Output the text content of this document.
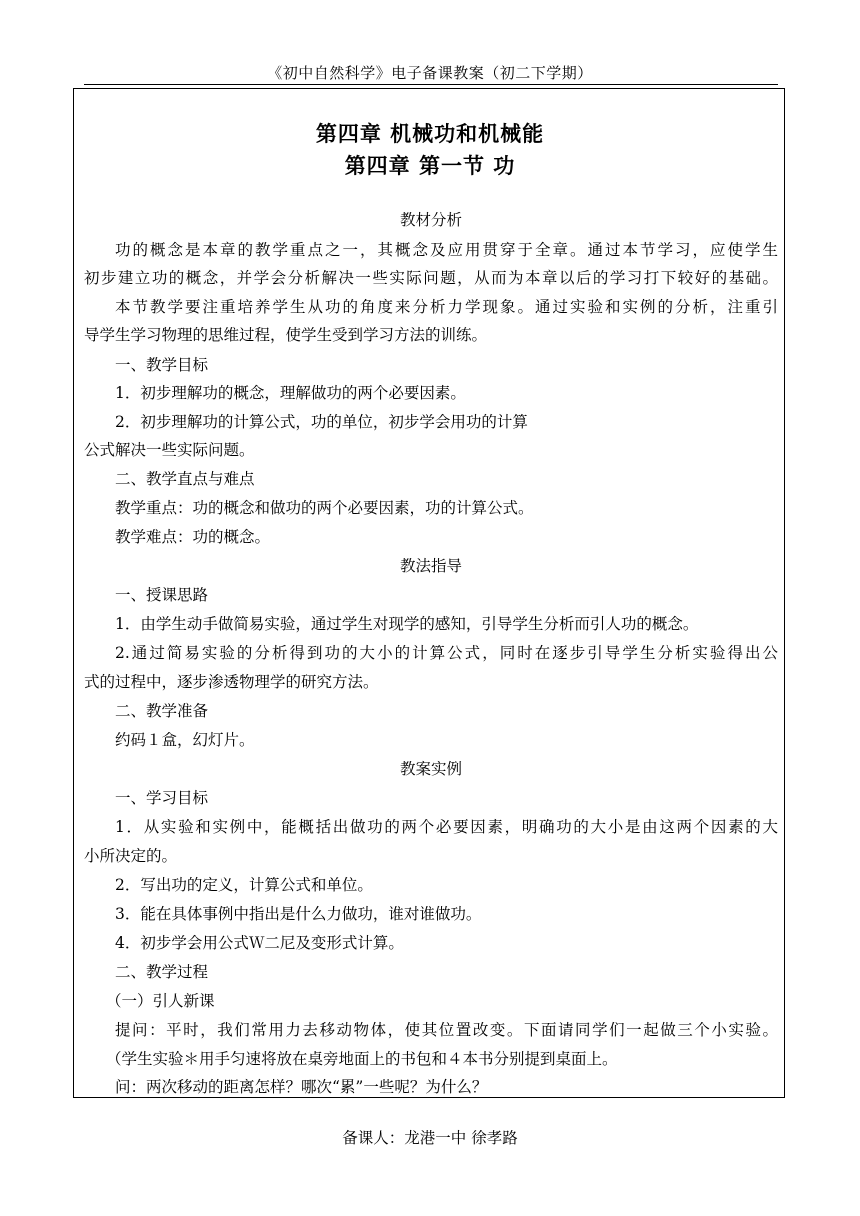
《初中自然科学》电子备课教案（初二下学期）
第四章 机械功和机械能
第四章 第一节 功
教材分析
功的概念是本章的教学重点之一，其概念及应用贯穿于全章。通过本节学习，应使学生
初步建立功的概念，并学会分析解决一些实际问题，从而为本章以后的学习打下较好的基础。
本节教学要注重培养学生从功的角度来分析力学现象。通过实验和实例的分析，注重引
导学生学习物理的思维过程，使学生受到学习方法的训练。
一、教学目标
1．初步理解功的概念，理解做功的两个必要因素。
2．初步理解功的计算公式，功的单位，初步学会用功的计算
公式解决一些实际问题。
二、教学直点与难点
教学重点：功的概念和做功的两个必要因素，功的计算公式。
教学难点：功的概念。
教法指导
一、授课思路
1．由学生动手做简易实验，通过学生对现学的感知，引导学生分析而引人功的概念。
2.通过简易实验的分析得到功的大小的计算公式，同时在逐步引导学生分析实验得出公
式的过程中，逐步渗透物理学的研究方法。
二、教学准备
约码１盒，幻灯片。
教案实例
一、学习目标
1．从实验和实例中，能概括出做功的两个必要因素，明确功的大小是由这两个因素的大
小所决定的。
2．写出功的定义，计算公式和单位。
3．能在具体事例中指出是什么力做功，谁对谁做功。
4．初步学会用公式Ｗ二尼及变形式计算。
二、教学过程
（一）引人新课
提问：平时，我们常用力去移动物体，使其位置改变。下面请同学们一起做三个小实验。
（学生实验＊用手匀速将放在桌旁地面上的书包和４本书分别提到桌面上。
问：两次移动的距离怎样？哪次“累”一些呢？为什么？
备课人：龙港一中 徐孝路
